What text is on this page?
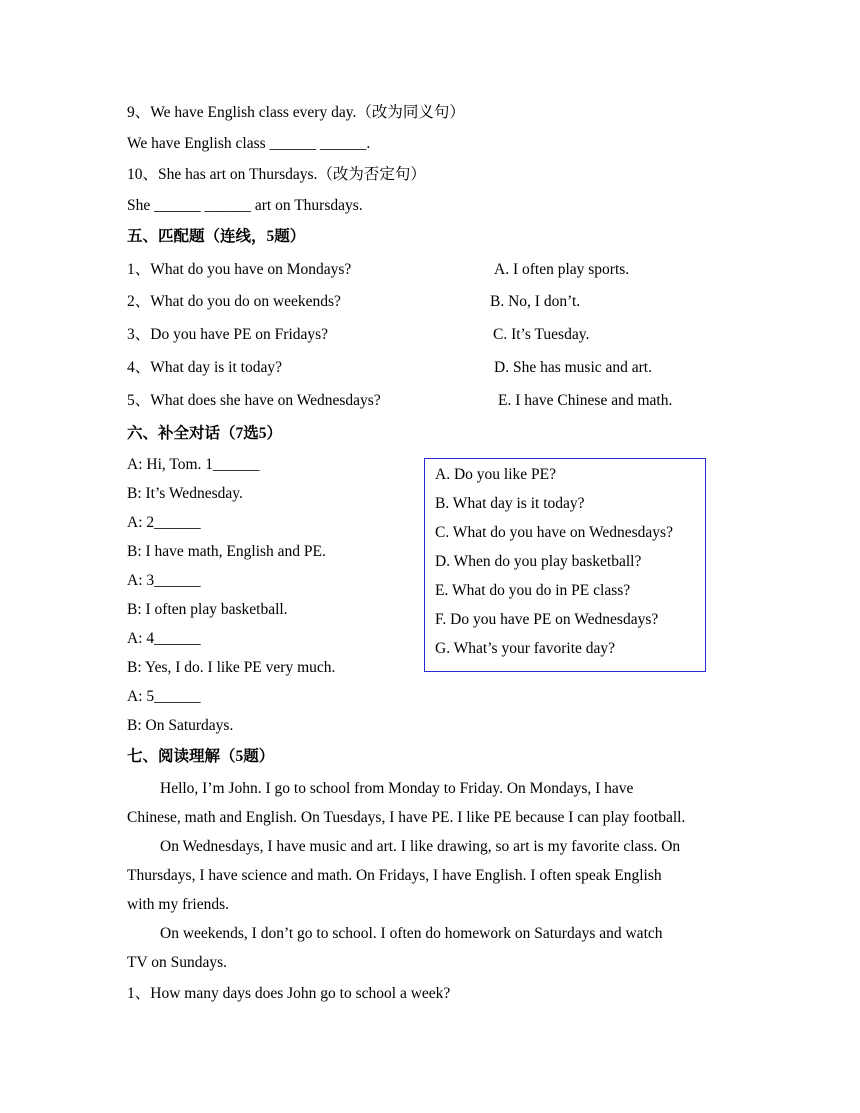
9、We have English class every day.（改为同义句）
We have English class ______ ______.
10、She has art on Thursdays.（改为否定句）
She ______ ______ art on Thursdays.
五、匹配题（连线，5题）
1、What do you have on Mondays?
2、What do you do on weekends?
3、Do you have PE on Fridays?
4、What day is it today?
5、What does she have on Wednesdays?
A. I often play sports.
B. No, I don’t.
C. It’s Tuesday.
D. She has music and art.
E. I have Chinese and math.
六、补全对话（7选5）
A: Hi, Tom. 1______
B: It’s Wednesday.
A: 2______
B: I have math, English and PE.
A: 3______
B: I often play basketball.
A: 4______
B: Yes, I do. I like PE very much.
A: 5______
B: On Saturdays.
A. Do you like PE?
B. What day is it today?
C. What do you have on Wednesdays?
D. When do you play basketball?
E. What do you do in PE class?
F. Do you have PE on Wednesdays?
G. What’s your favorite day?
七、阅读理解（5题）
Hello, I’m John. I go to school from Monday to Friday. On Mondays, I have
Chinese, math and English. On Tuesdays, I have PE. I like PE because I can play football.
On Wednesdays, I have music and art. I like drawing, so art is my favorite class. On
Thursdays, I have science and math. On Fridays, I have English. I often speak English
with my friends.
On weekends, I don’t go to school. I often do homework on Saturdays and watch
TV on Sundays.
1、How many days does John go to school a week?
